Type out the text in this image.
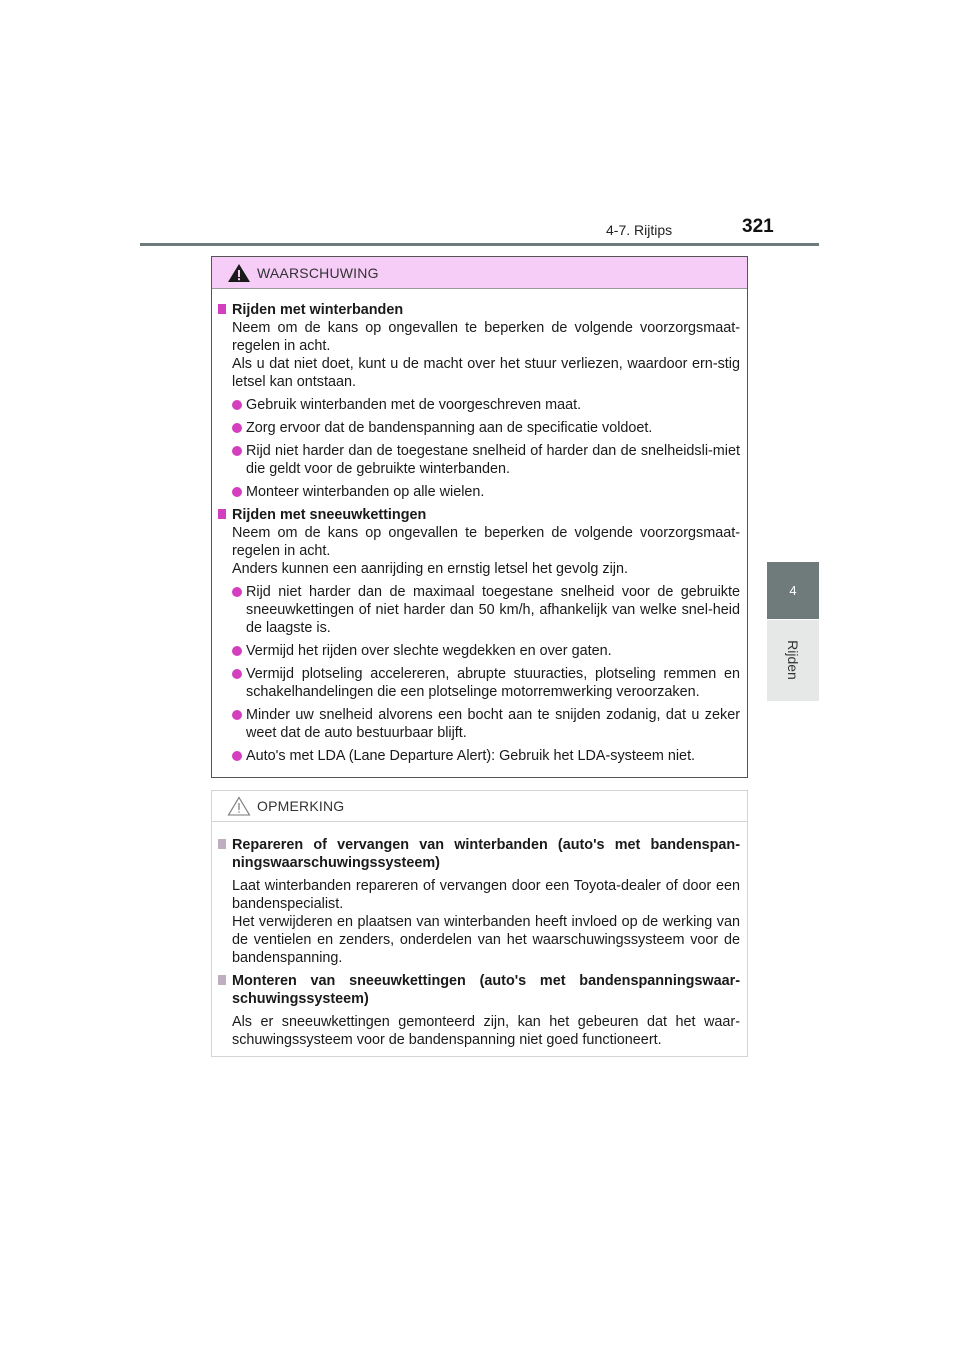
4-7. Rijtips	321
4
Rijden
WAARSCHUWING
Rijden met winterbanden
Neem om de kans op ongevallen te beperken de volgende voorzorgsmaat-regelen in acht.
Als u dat niet doet, kunt u de macht over het stuur verliezen, waardoor ern-stig letsel kan ontstaan.
Gebruik winterbanden met de voorgeschreven maat.
Zorg ervoor dat de bandenspanning aan de specificatie voldoet.
Rijd niet harder dan de toegestane snelheid of harder dan de snelheidsli-miet die geldt voor de gebruikte winterbanden.
Monteer winterbanden op alle wielen.
Rijden met sneeuwkettingen
Neem om de kans op ongevallen te beperken de volgende voorzorgsmaat-regelen in acht.
Anders kunnen een aanrijding en ernstig letsel het gevolg zijn.
Rijd niet harder dan de maximaal toegestane snelheid voor de gebruikte sneeuwkettingen of niet harder dan 50 km/h, afhankelijk van welke snel-heid de laagste is.
Vermijd het rijden over slechte wegdekken en over gaten.
Vermijd plotseling accelereren, abrupte stuuracties, plotseling remmen en schakelhandelingen die een plotselinge motorremwerking veroorzaken.
Minder uw snelheid alvorens een bocht aan te snijden zodanig, dat u zeker weet dat de auto bestuurbaar blijft.
Auto's met LDA (Lane Departure Alert): Gebruik het LDA-systeem niet.
OPMERKING
Repareren of vervangen van winterbanden (auto's met bandenspan-ningswaarschuwingssysteem)
Laat winterbanden repareren of vervangen door een Toyota-dealer of door een bandenspecialist.
Het verwijderen en plaatsen van winterbanden heeft invloed op de werking van de ventielen en zenders, onderdelen van het waarschuwingssysteem voor de bandenspanning.
Monteren van sneeuwkettingen (auto's met bandenspanningswaar-schuwingssysteem)
Als er sneeuwkettingen gemonteerd zijn, kan het gebeuren dat het waar-schuwingssysteem voor de bandenspanning niet goed functioneert.
